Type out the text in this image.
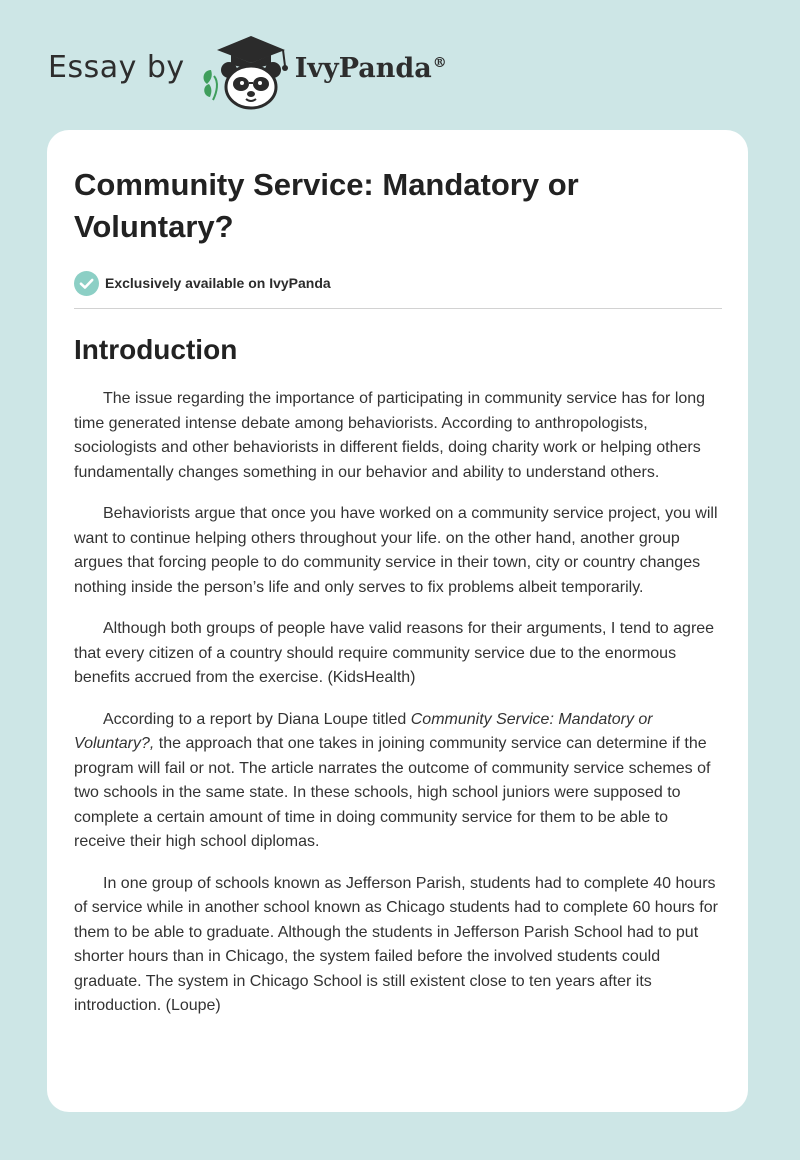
Essay by	IvyPanda®
Community Service: Mandatory or Voluntary?
Exclusively available on IvyPanda
Introduction

The issue regarding the importance of participating in community service has for long time generated intense debate among behaviorists. According to anthropologists, sociologists and other behaviorists in different fields, doing charity work or helping others fundamentally changes something in our behavior and ability to understand others.

Behaviorists argue that once you have worked on a community service project, you will want to continue helping others throughout your life. on the other hand, another group argues that forcing people to do community service in their town, city or country changes nothing inside the person’s life and only serves to fix problems albeit temporarily.

Although both groups of people have valid reasons for their arguments, I tend to agree that every citizen of a country should require community service due to the enormous benefits accrued from the exercise. (KidsHealth)

According to a report by Diana Loupe titled Community Service: Mandatory or Voluntary?, the approach that one takes in joining community service can determine if the program will fail or not. The article narrates the outcome of community service schemes of two schools in the same state. In these schools, high school juniors were supposed to complete a certain amount of time in doing community service for them to be able to receive their high school diplomas.

In one group of schools known as Jefferson Parish, students had to complete 40 hours of service while in another school known as Chicago students had to complete 60 hours for them to be able to graduate. Although the students in Jefferson Parish School had to put shorter hours than in Chicago, the system failed before the involved students could graduate. The system in Chicago School is still existent close to ten years after its introduction. (Loupe)
